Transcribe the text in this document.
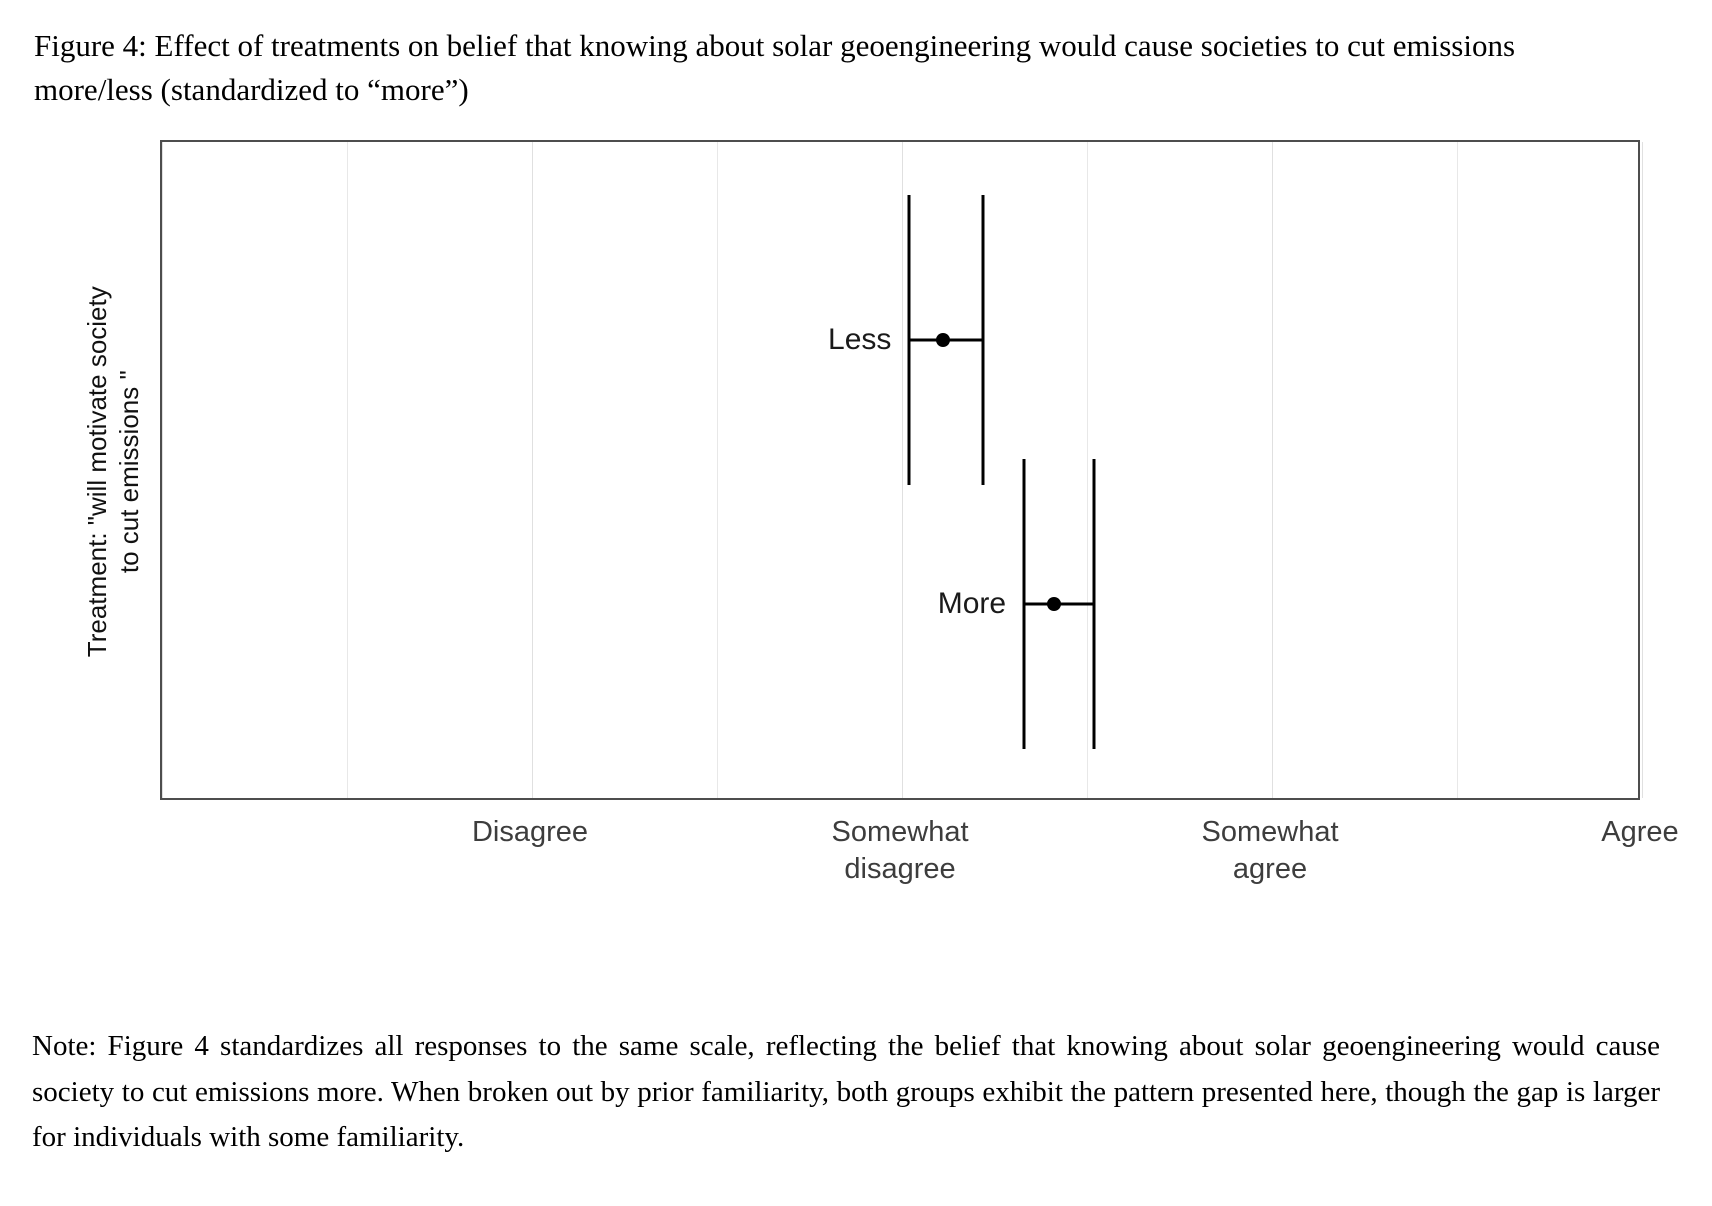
Figure 4: Effect of treatments on belief that knowing about solar geoengineering would cause societies to cut emissions more/less (standardized to “more”)
Treatment: "will motivate society to cut emissions "
Less
More
Disagree	Somewhat
disagree
Somewhat
agree
Agree
Note: Figure 4 standardizes all responses to the same scale, reflecting the belief that knowing about solar geoengineering would cause society to cut emissions more. When broken out by prior familiarity, both groups exhibit the pattern presented here, though the gap is larger for individuals with some familiarity.
